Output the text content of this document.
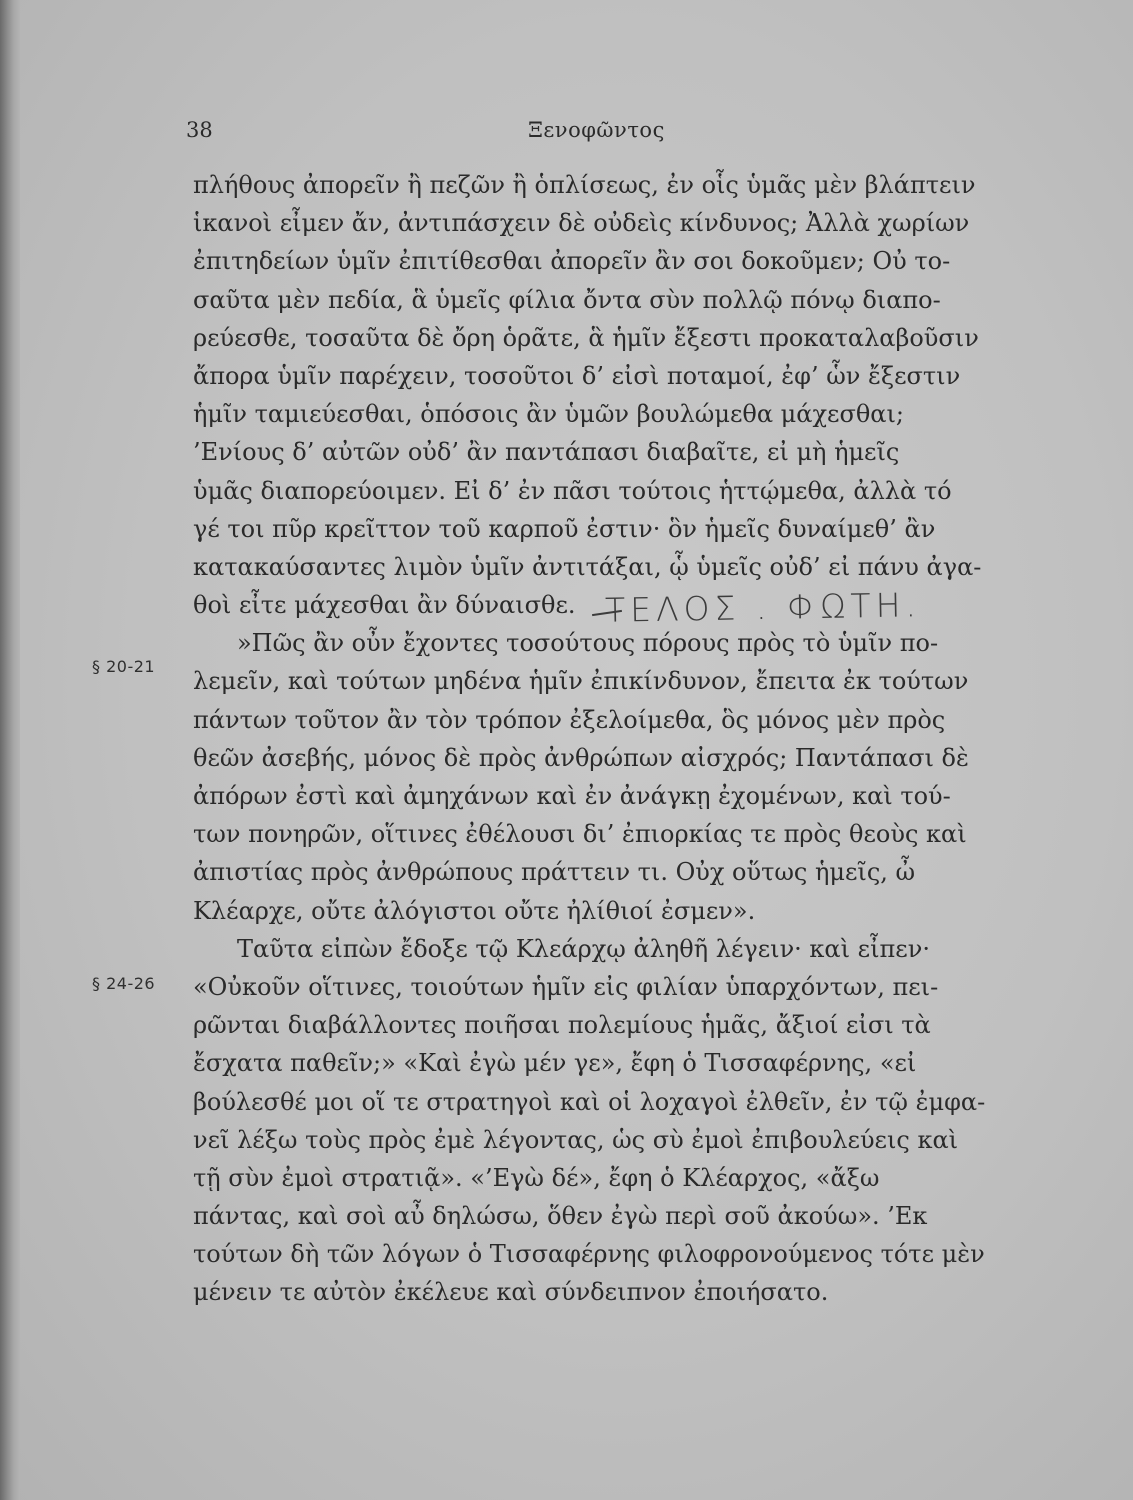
38	Ξενοφῶντος
§ 20-21
§ 24-26
πλήθους ἀπορεῖν ἢ πεζῶν ἢ ὁπλίσεως, ἐν οἷς ὑμᾶς μὲν βλάπτειν
ἱκανοὶ εἶμεν ἄν, ἀντιπάσχειν δὲ οὐδεὶς κίνδυνος; Ἀλλὰ χωρίων
ἐπιτηδείων ὑμῖν ἐπιτίθεσθαι ἀπορεῖν ἂν σοι δοκοῦμεν; Οὐ το-
σαῦτα μὲν πεδία, ἃ ὑμεῖς φίλια ὄντα σὺν πολλῷ πόνῳ διαπο-
ρεύεσθε, τοσαῦτα δὲ ὄρη ὁρᾶτε, ἃ ἡμῖν ἔξεστι προκαταλαβοῦσιν
ἄπορα ὑμῖν παρέχειν, τοσοῦτοι δ’ εἰσὶ ποταμοί, ἐφ’ ὧν ἔξεστιν
ἡμῖν ταμιεύεσθαι, ὁπόσοις ἂν ὑμῶν βουλώμεθα μάχεσθαι;
’Ενίους δ’ αὐτῶν οὐδ’ ἂν παντάπασι διαβαῖτε, εἰ μὴ ἡμεῖς
ὑμᾶς διαπορεύοιμεν. Εἰ δ’ ἐν πᾶσι τούτοις ἡττῴμεθα, ἀλλὰ τό
γέ τοι πῦρ κρεῖττον τοῦ καρποῦ ἐστιν· ὃν ἡμεῖς δυναίμεθ’ ἂν
κατακαύσαντες λιμὸν ὑμῖν ἀντιτάξαι, ᾧ ὑμεῖς οὐδ’ εἰ πάνυ ἀγα-
θοὶ εἶτε μάχεσθαι ἂν δύναισθε.
»Πῶς ἂν οὖν ἔχοντες τοσούτους πόρους πρὸς τὸ ὑμῖν πο-
λεμεῖν, καὶ τούτων μηδένα ἡμῖν ἐπικίνδυνον, ἔπειτα ἐκ τούτων
πάντων τοῦτον ἂν τὸν τρόπον ἐξελοίμεθα, ὃς μόνος μὲν πρὸς
θεῶν ἀσεβής, μόνος δὲ πρὸς ἀνθρώπων αἰσχρός; Παντάπασι δὲ
ἀπόρων ἐστὶ καὶ ἀμηχάνων καὶ ἐν ἀνάγκῃ ἐχομένων, καὶ τού-
των πονηρῶν, οἵτινες ἐθέλουσι δι’ ἐπιορκίας τε πρὸς θεοὺς καὶ
ἀπιστίας πρὸς ἀνθρώπους πράττειν τι. Οὐχ οὕτως ἡμεῖς, ὦ
Κλέαρχε, οὔτε ἀλόγιστοι οὔτε ἠλίθιοί ἐσμεν».
Ταῦτα εἰπὼν ἔδοξε τῷ Κλεάρχῳ ἀληθῆ λέγειν· καὶ εἶπεν·
«Οὐκοῦν οἵτινες, τοιούτων ἡμῖν εἰς φιλίαν ὑπαρχόντων, πει-
ρῶνται διαβάλλοντες ποιῆσαι πολεμίους ἡμᾶς, ἄξιοί εἰσι τὰ
ἔσχατα παθεῖν;» «Καὶ ἐγὼ μέν γε», ἔφη ὁ Τισσαφέρνης, «εἰ
βούλεσθέ μοι οἵ τε στρατηγοὶ καὶ οἱ λοχαγοὶ ἐλθεῖν, ἐν τῷ ἐμφα-
νεῖ λέξω τοὺς πρὸς ἐμὲ λέγοντας, ὡς σὺ ἐμοὶ ἐπιβουλεύεις καὶ
τῇ σὺν ἐμοὶ στρατιᾷ». «’Εγὼ δέ», ἔφη ὁ Κλέαρχος, «ἄξω
πάντας, καὶ σοὶ αὖ δηλώσω, ὅθεν ἐγὼ περὶ σοῦ ἀκούω». ’Εκ
τούτων δὴ τῶν λόγων ὁ Τισσαφέρνης φιλοφρονούμενος τότε μὲν
μένειν τε αὐτὸν ἐκέλευε καὶ σύνδειπνον ἐποιήσατο.
ΤΕΛΟΣ . ΦΩΤΗ.
